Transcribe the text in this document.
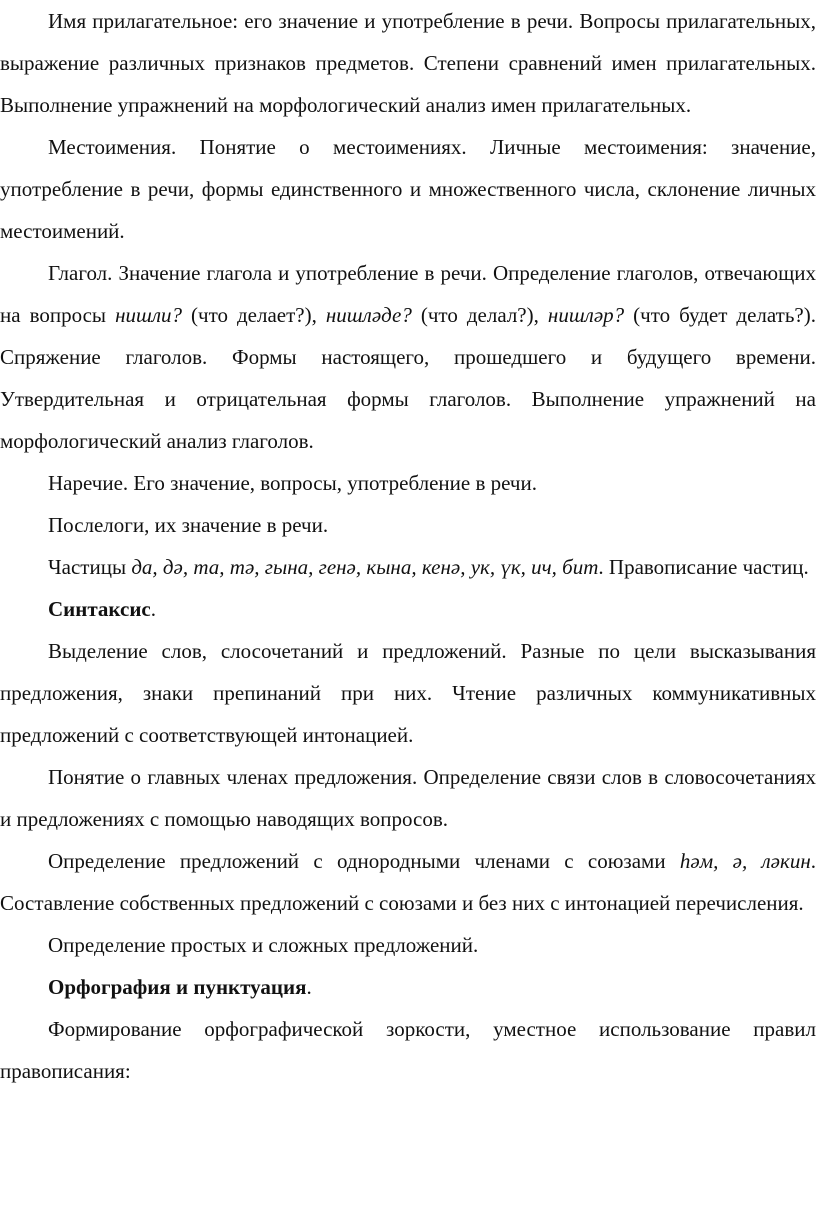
Имя прилагательное: его значение и употребление в речи. Вопросы прилагательных, выражение различных признаков предметов. Степени сравнений имен прилагательных. Выполнение упражнений на морфологический анализ имен прилагательных.

Местоимения. Понятие о местоимениях. Личные местоимения: значение, употребление в речи, формы единственного и множественного числа, склонение личных местоимений.

Глагол. Значение глагола и употребление в речи. Определение глаголов, отвечающих на вопросы нишли? (что делает?), нишләде? (что делал?), нишләр? (что будет делать?). Спряжение глаголов. Формы настоящего, прошедшего и будущего времени. Утвердительная и отрицательная формы глаголов. Выполнение упражнений на морфологический анализ глаголов.

Наречие. Его значение, вопросы, употребление в речи.

Послелоги, их значение в речи.

Частицы да, дә, та, тә, гына, генә, кына, кенә, ук, үк, ич, бит. Правописание частиц.

Синтаксис.

Выделение слов, слосочетаний и предложений. Разные по цели высказывания предложения, знаки препинаний при них. Чтение различных коммуникативных предложений с соответствующей интонацией.

Понятие о главных членах предложения. Определение связи слов в словосочетаниях и предложениях с помощью наводящих вопросов.

Определение предложений с однородными членами с союзами һәм, ә, ләкин. Составление собственных предложений с союзами и без них с интонацией перечисления.

Определение простых и сложных предложений.

Орфография и пунктуация.

Формирование орфографической зоркости, уместное использование правил правописания:
